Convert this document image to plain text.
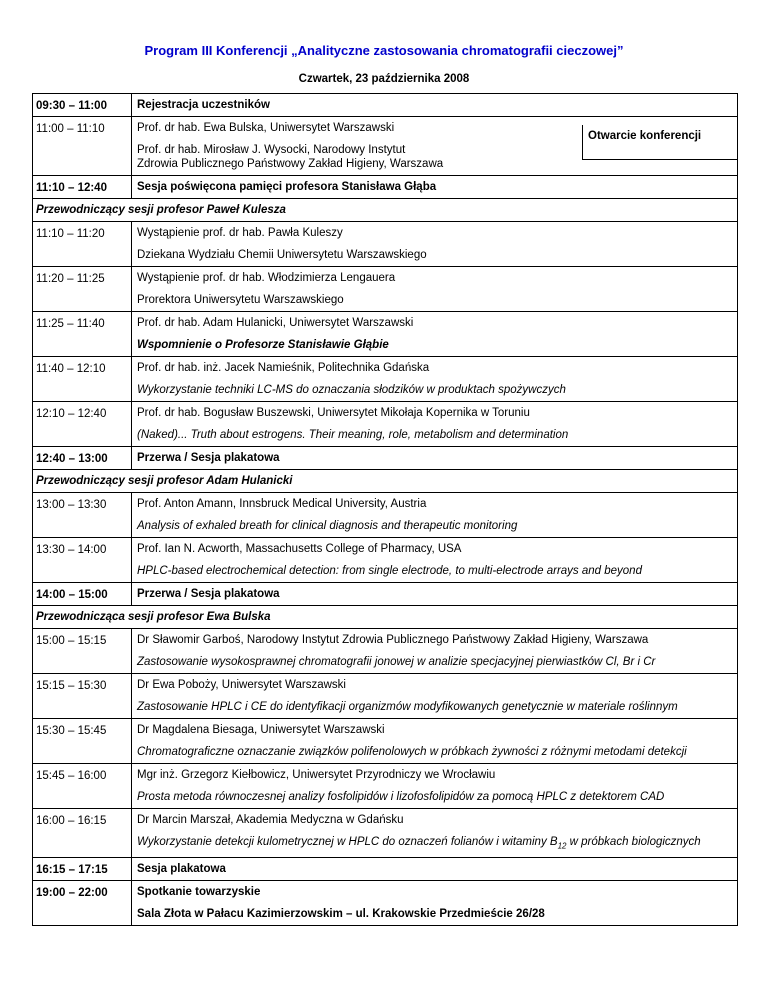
Program III Konferencji „Analityczne zastosowania chromatografii cieczowej”
Czwartek, 23 października 2008
09:30 – 11:00	Rejestracja uczestników
11:00 – 11:10	Prof. dr hab. Ewa Bulska, Uniwersytet Warszawski
Prof. dr hab. Mirosław J. Wysocki, Narodowy Instytut
Zdrowia Publicznego Państwowy Zakład Higieny, Warszawa
Otwarcie konferencji
11:10 – 12:40	Sesja poświęcona pamięci profesora Stanisława Głąba
Przewodniczący sesji profesor Paweł Kulesza
11:10 – 11:20	Wystąpienie prof. dr hab. Pawła Kuleszy
Dziekana Wydziału Chemii Uniwersytetu Warszawskiego
11:20 – 11:25	Wystąpienie prof. dr hab. Włodzimierza Lengauera
Prorektora Uniwersytetu Warszawskiego
11:25 – 11:40	Prof. dr hab. Adam Hulanicki, Uniwersytet Warszawski
Wspomnienie o Profesorze Stanisławie Głąbie
11:40 – 12:10	Prof. dr hab. inż. Jacek Namieśnik, Politechnika Gdańska
Wykorzystanie techniki LC-MS do oznaczania słodzików w produktach spożywczych
12:10 – 12:40	Prof. dr hab. Bogusław Buszewski, Uniwersytet Mikołaja Kopernika w Toruniu
(Naked)... Truth about estrogens. Their meaning, role, metabolism and determination
12:40 – 13:00	Przerwa / Sesja plakatowa
Przewodniczący sesji profesor Adam Hulanicki
13:00 – 13:30	Prof. Anton Amann, Innsbruck Medical University, Austria
Analysis of exhaled breath for clinical diagnosis and therapeutic monitoring
13:30 – 14:00	Prof. Ian N. Acworth, Massachusetts College of Pharmacy, USA
HPLC-based electrochemical detection: from single electrode, to multi-electrode arrays and beyond
14:00 – 15:00	Przerwa / Sesja plakatowa
Przewodnicząca sesji profesor Ewa Bulska
15:00 – 15:15	Dr Sławomir Garboś, Narodowy Instytut Zdrowia Publicznego Państwowy Zakład Higieny, Warszawa
Zastosowanie wysokosprawnej chromatografii jonowej w analizie specjacyjnej pierwiastków Cl, Br i Cr
15:15 – 15:30	Dr Ewa Poboży, Uniwersytet Warszawski
Zastosowanie HPLC i CE do identyfikacji organizmów modyfikowanych genetycznie w materiale roślinnym
15:30 – 15:45	Dr Magdalena Biesaga, Uniwersytet Warszawski
Chromatograficzne oznaczanie związków polifenolowych w próbkach żywności z różnymi metodami detekcji
15:45 – 16:00	Mgr inż. Grzegorz Kiełbowicz, Uniwersytet Przyrodniczy we Wrocławiu
Prosta metoda równoczesnej analizy fosfolipidów i lizofosfolipidów za pomocą HPLC z detektorem CAD
16:00 – 16:15	Dr Marcin Marszał, Akademia Medyczna w Gdańsku
Wykorzystanie detekcji kulometrycznej w HPLC do oznaczeń folianów i witaminy $B_{12}$ w próbkach biologicznych
16:15 – 17:15	Sesja plakatowa
19:00 – 22:00	Spotkanie towarzyskie
Sala Złota w Pałacu Kazimierzowskim – ul. Krakowskie Przedmieście 26/28
